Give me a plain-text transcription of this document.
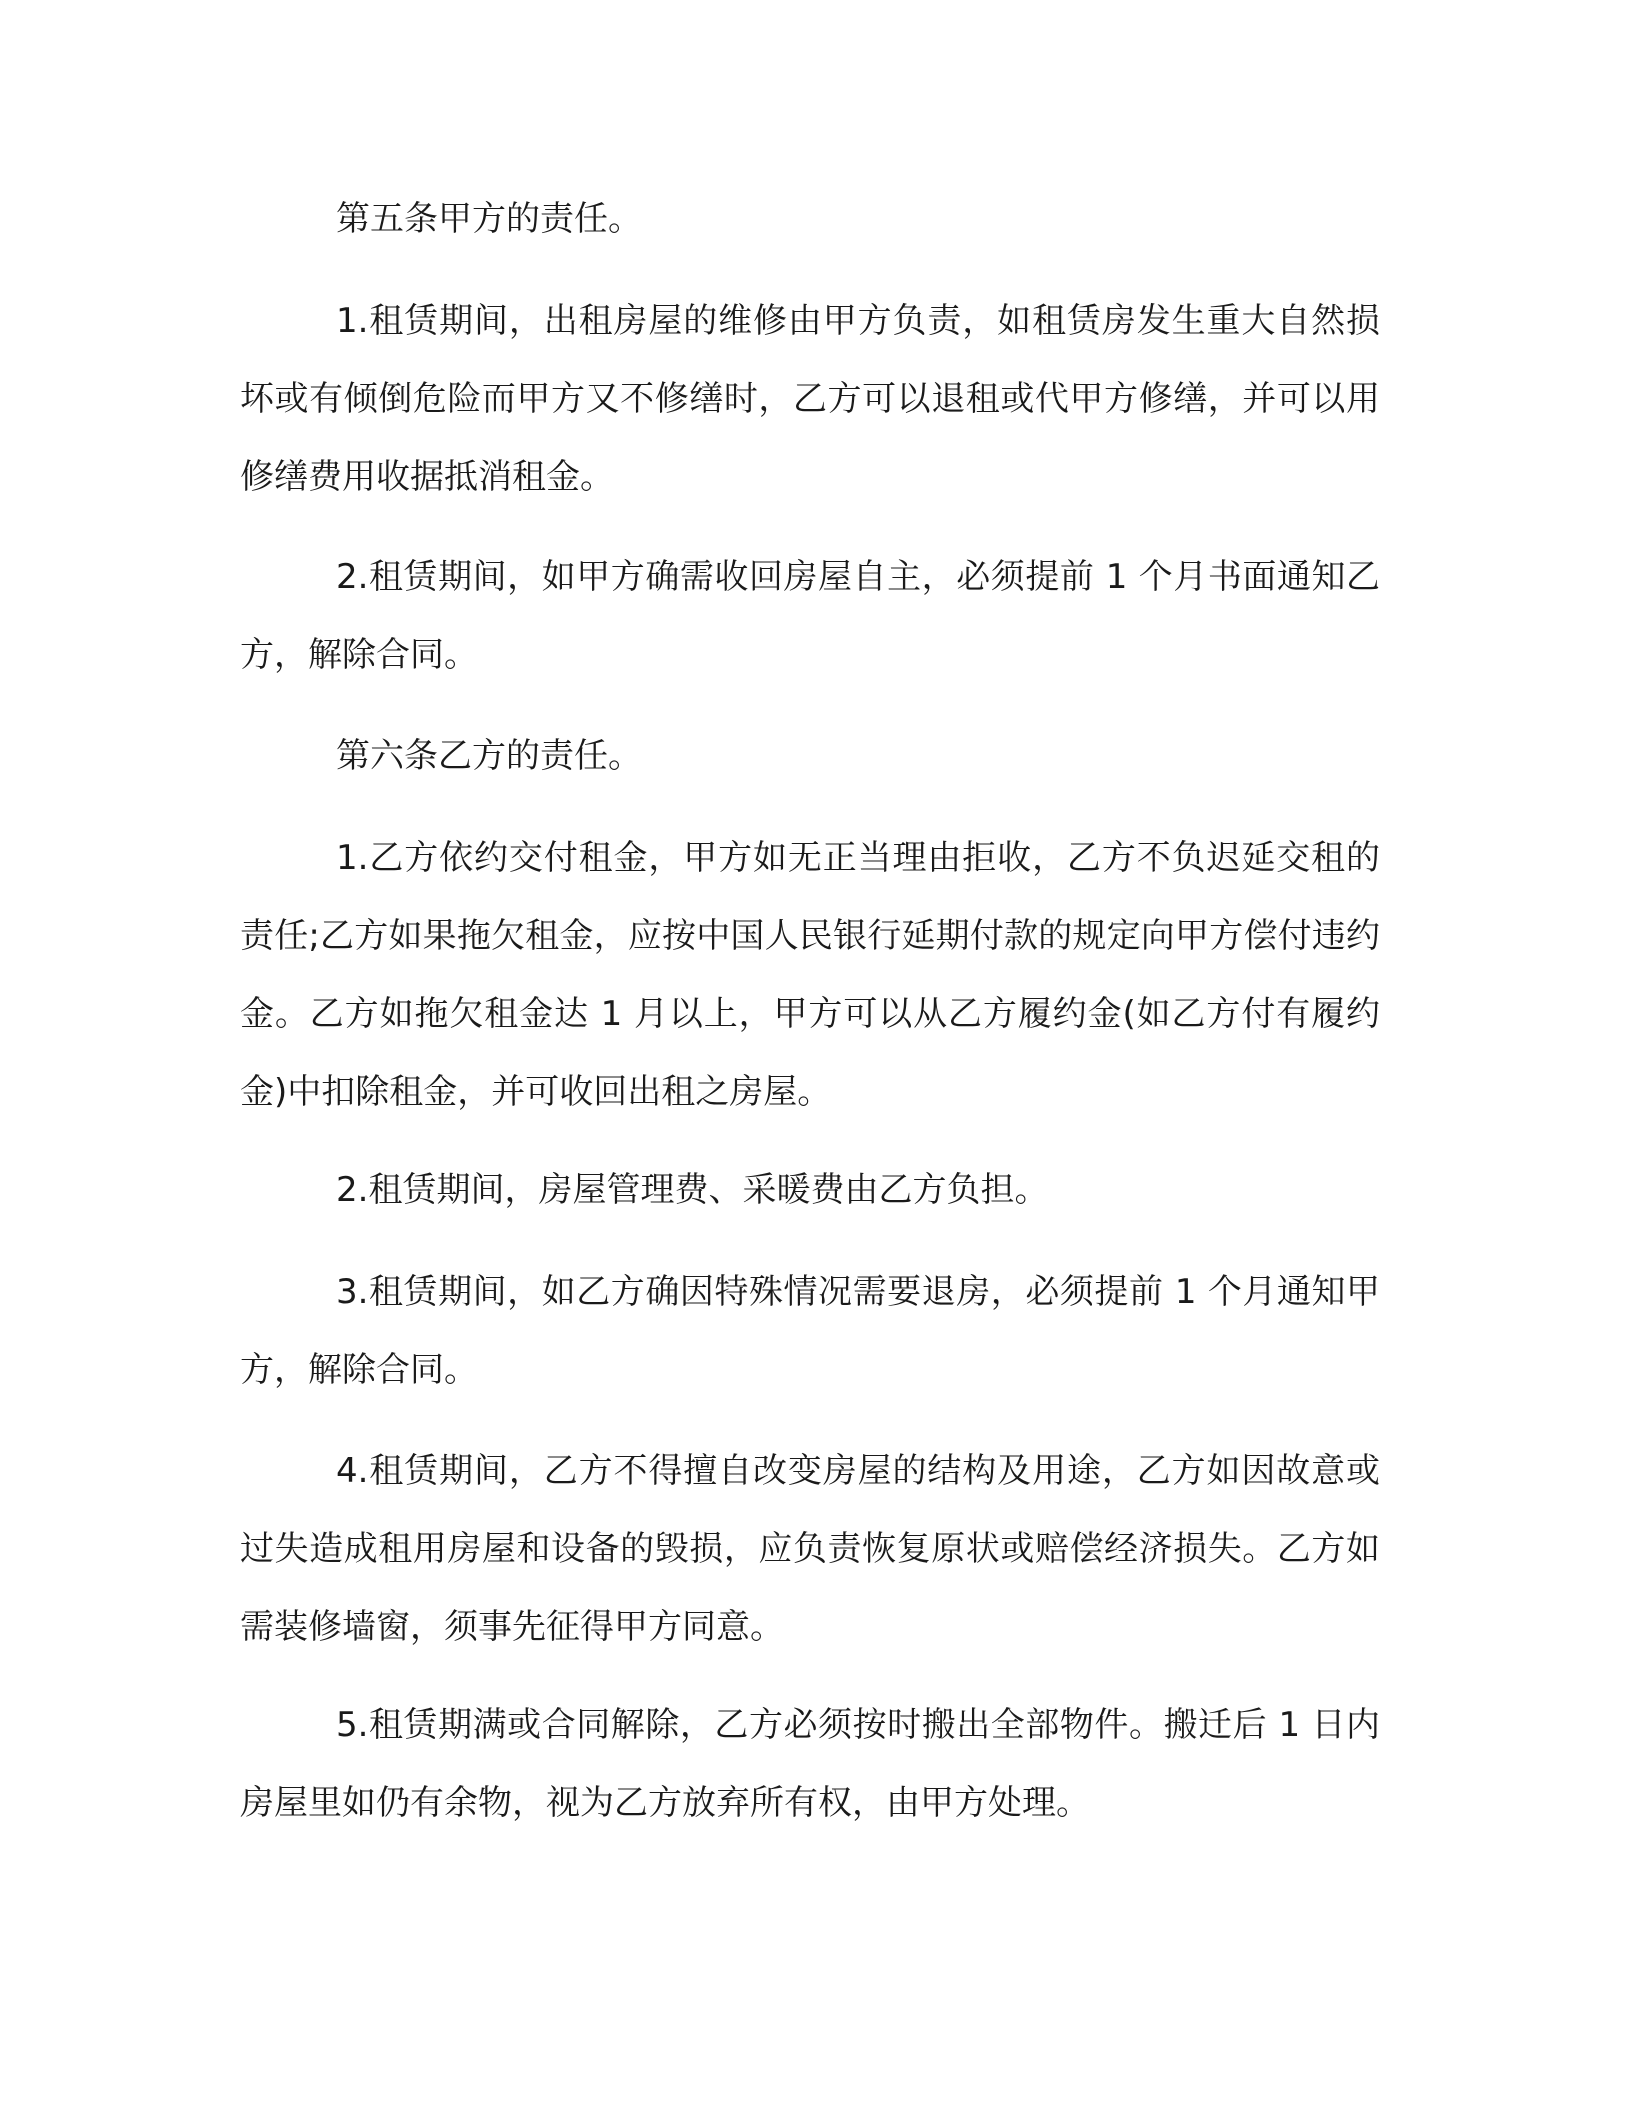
第五条甲方的责任。

1.租赁期间，出租房屋的维修由甲方负责，如租赁房发生重大自然损坏或有倾倒危险而甲方又不修缮时，乙方可以退租或代甲方修缮，并可以用修缮费用收据抵消租金。

2.租赁期间，如甲方确需收回房屋自主，必须提前 1 个月书面通知乙方，解除合同。

第六条乙方的责任。

1.乙方依约交付租金，甲方如无正当理由拒收，乙方不负迟延交租的责任;乙方如果拖欠租金，应按中国人民银行延期付款的规定向甲方偿付违约金。乙方如拖欠租金达 1 月以上，甲方可以从乙方履约金(如乙方付有履约金)中扣除租金，并可收回出租之房屋。

2.租赁期间，房屋管理费、采暖费由乙方负担。

3.租赁期间，如乙方确因特殊情况需要退房，必须提前 1 个月通知甲方，解除合同。

4.租赁期间，乙方不得擅自改变房屋的结构及用途，乙方如因故意或过失造成租用房屋和设备的毁损，应负责恢复原状或赔偿经济损失。乙方如需装修墙窗，须事先征得甲方同意。

5.租赁期满或合同解除，乙方必须按时搬出全部物件。搬迁后 1 日内房屋里如仍有余物，视为乙方放弃所有权，由甲方处理。
